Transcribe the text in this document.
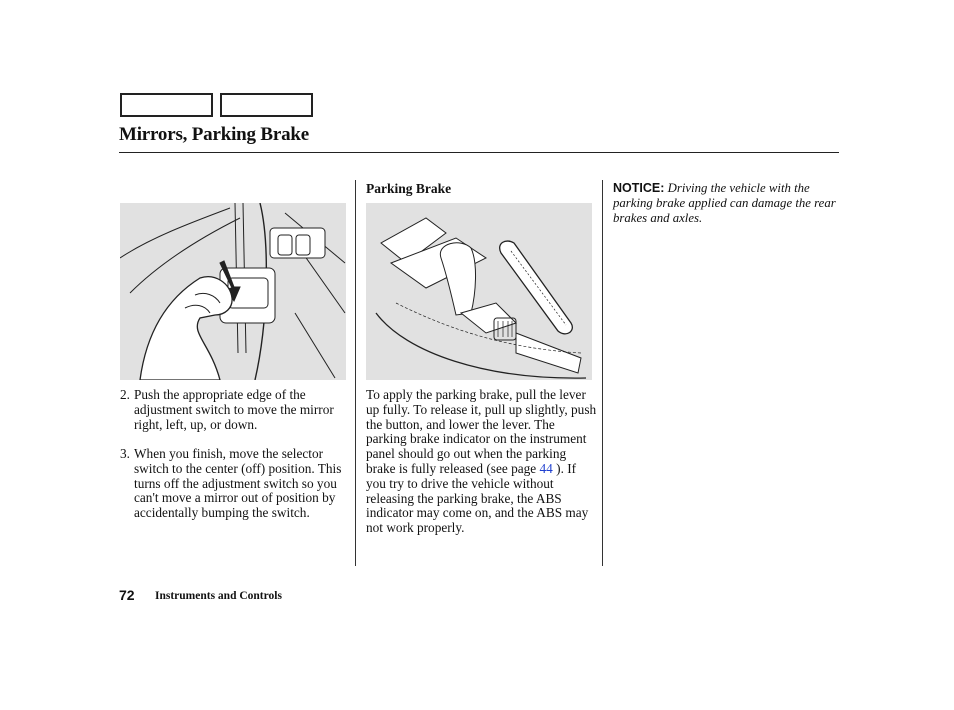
Mirrors, Parking Brake
2. Push the appropriate edge of the adjustment switch to move the mirror right, left, up, or down.
3. When you finish, move the selector switch to the center (off) position. This turns off the adjustment switch so you can't move a mirror out of position by accidentally bumping the switch.
Parking Brake
To apply the parking brake, pull the lever up fully. To release it, pull up slightly, push the button, and lower the lever. The parking brake indicator on the instrument panel should go out when the parking brake is fully released (see page 44 ). If you try to drive the vehicle without releasing the parking brake, the ABS indicator may come on, and the ABS may not work properly.
NOTICE: Driving the vehicle with the parking brake applied can damage the rear brakes and axles.
72 Instruments and Controls
